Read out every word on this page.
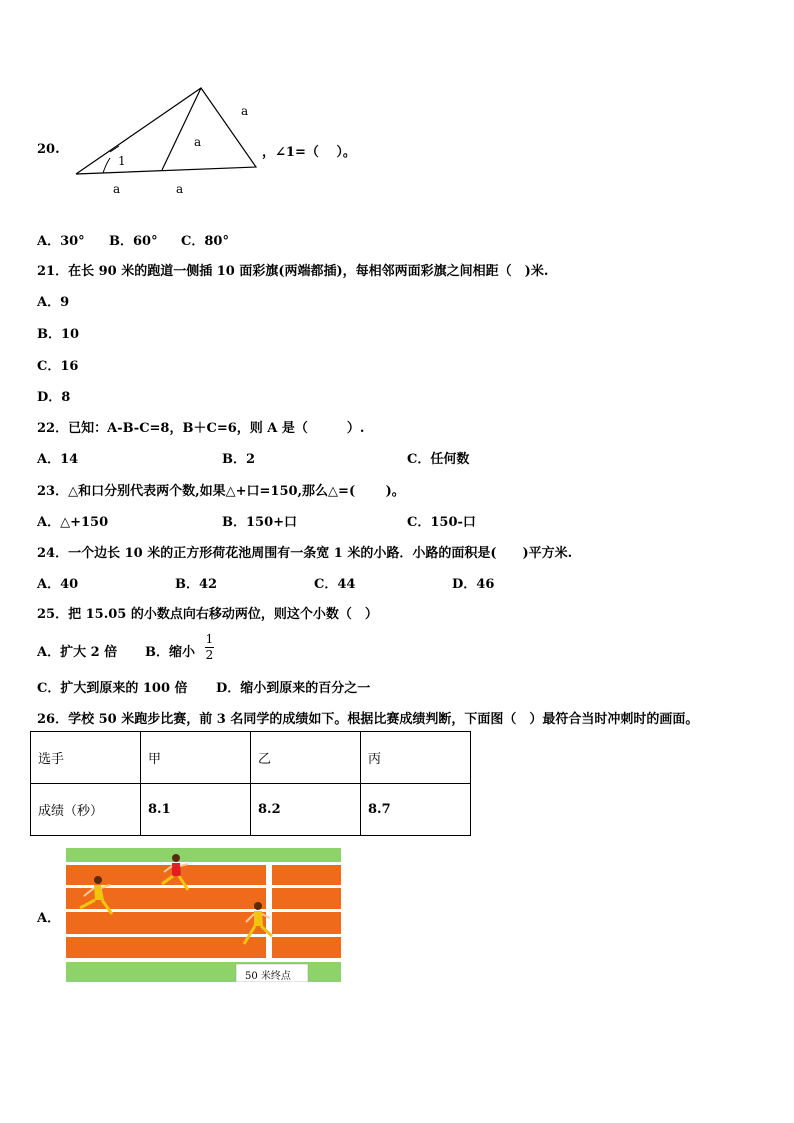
20.
a
a
1
a	a
，∠1=（　 ）。
A．30° B．60° C．80°
21．在长 90 米的跑道一侧插 10 面彩旗(两端都插)，每相邻两面彩旗之间相距（　)米.
A．9
B．10
C．16
D．8
22．已知：A-B-C=8，B＋C=6，则 A 是（　　　）.
A．14	B．2	C．任何数
23．△和口分别代表两个数,如果△+口=150,那么△=(　　 )。
A．△+150	B．150+口	C．150-口
24．一个边长 10 米的正方形荷花池周围有一条宽 1 米的小路．小路的面积是(　　)平方米.
A．40	B．42	C．44	D．46
25．把 15.05 的小数点向右移动两位，则这个小数（　）
A．扩大 2 倍 B．缩小 $\frac{1}{2}$
C．扩大到原来的 100 倍 D．缩小到原来的百分之一
26．学校 50 米跑步比赛，前 3 名同学的成绩如下。根据比赛成绩判断，下面图（　）最符合当时冲刺时的画面。
选手	甲	乙	丙
成绩（秒）	8.1	8.2	8.7
A．
50 米终点
